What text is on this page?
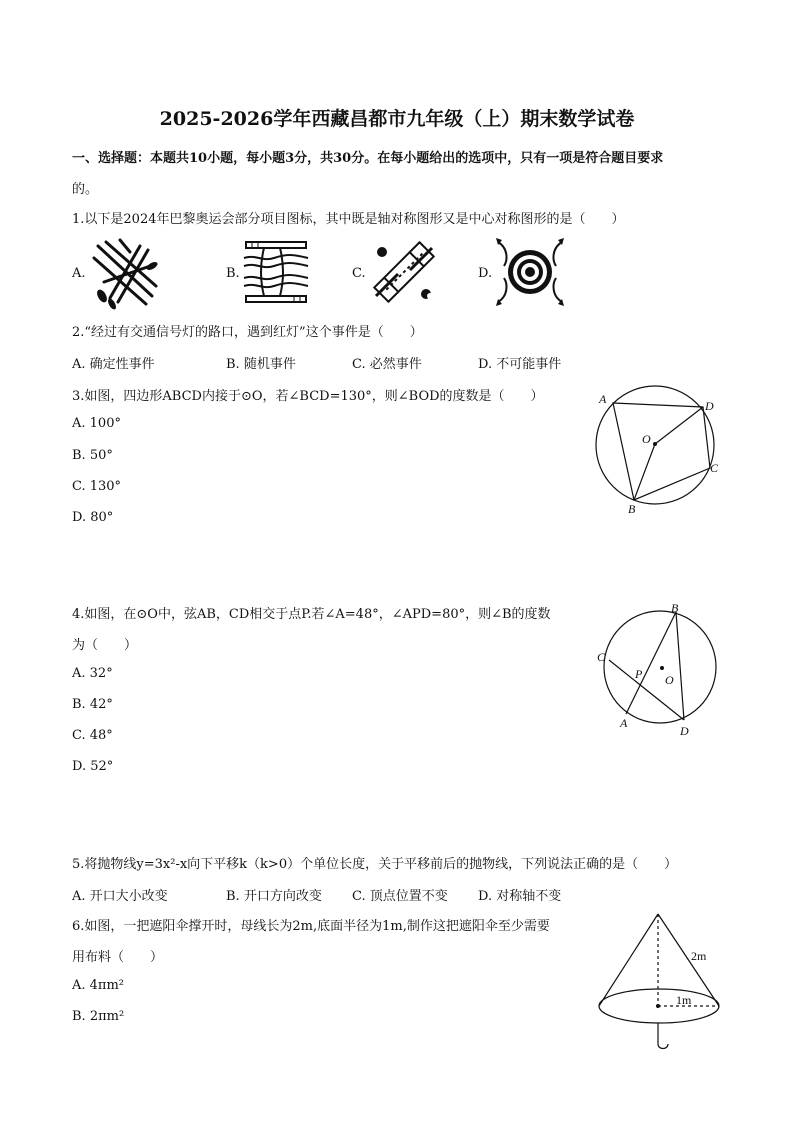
2025-2026学年西藏昌都市九年级（上）期末数学试卷
一、选择题：本题共10小题，每小题3分，共30分。在每小题给出的选项中，只有一项是符合题目要求
的。
1.以下是2024年巴黎奥运会部分项目图标，其中既是轴对称图形又是中心对称图形的是（　　）
A.	B.	C.	D.
2.“经过有交通信号灯的路口，遇到红灯”这个事件是（　　）
A. 确定性事件	B. 随机事件	C. 必然事件	D. 不可能事件
3.如图，四边形ABCD内接于⊙O，若∠BCD=130°，则∠BOD的度数是（　　）
A. 100°
B. 50°
C. 130°
D. 80°
A	D
O
C
B
4.如图，在⊙O中，弦AB，CD相交于点P.若∠A=48°，∠APD=80°，则∠B的度数
为（　　）
A. 32°
B. 42°
C. 48°
D. 52°
B
C
P O
A
D
5.将抛物线y=3x²-x向下平移k（k>0）个单位长度，关于平移前后的抛物线，下列说法正确的是（　　）
A. 开口大小改变	B. 开口方向改变 C. 顶点位置不变 D. 对称轴不变
6.如图，一把遮阳伞撑开时，母线长为2m,底面半径为1m,制作这把遮阳伞至少需要
用布料（　　）
A. 4πm²
B. 2πm²
2m
1m
